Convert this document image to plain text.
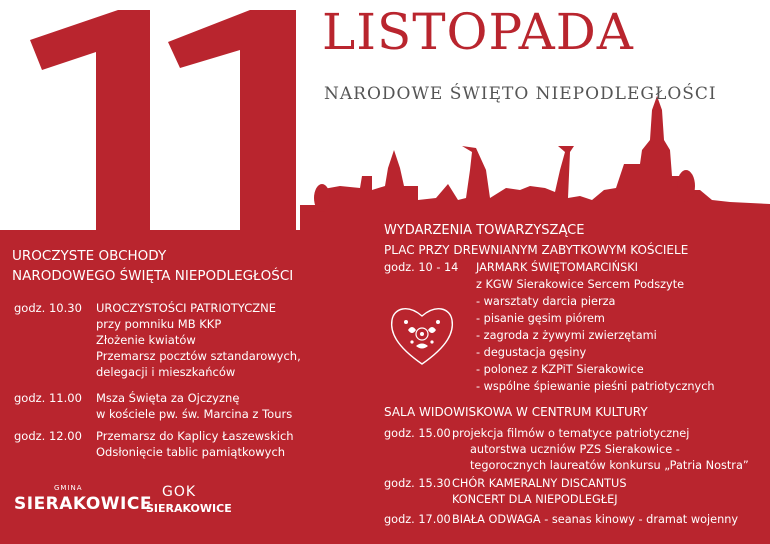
LISTOPADA
NARODOWE ŚWIĘTO NIEPODLEGŁOŚCI
UROCZYSTE OBCHODY
NARODOWEGO ŚWIĘTA NIEPODLEGŁOŚCI
godz. 10.30 UROCZYSTOŚCI PATRIOTYCZNE
przy pomniku MB KKP
Złożenie kwiatów
Przemarsz pocztów sztandarowych,
delegacji i mieszkańców
godz. 11.00 Msza Święta za Ojczyznę
w kościele pw. św. Marcina z Tours
godz. 12.00 Przemarsz do Kaplicy Łaszewskich
Odsłonięcie tablic pamiątkowych
GMINA
SIERAKOWICE
GOK
SIERAKOWICE
WYDARZENIA TOWARZYSZĄCE
PLAC PRZY DREWNIANYM ZABYTKOWYM KOŚCIELE
godz. 10 - 14 JARMARK ŚWIĘTOMARCIŃSKI
z KGW Sierakowice Sercem Podszyte
- warsztaty darcia pierza
- pisanie gęsim piórem
- zagroda z żywymi zwierzętami
- degustacja gęsiny
- polonez z KZPiT Sierakowice
- wspólne śpiewanie pieśni patriotycznych
SALA WIDOWISKOWA W CENTRUM KULTURY
godz. 15.00 projekcja filmów o tematyce patriotycznej
autorstwa uczniów PZS Sierakowice -
tegorocznych laureatów konkursu „Patria Nostra”
godz. 15.30 CHÓR KAMERALNY DISCANTUS
KONCERT DLA NIEPODLEGŁEJ
godz. 17.00 BIAŁA ODWAGA - seanas kinowy - dramat wojenny
